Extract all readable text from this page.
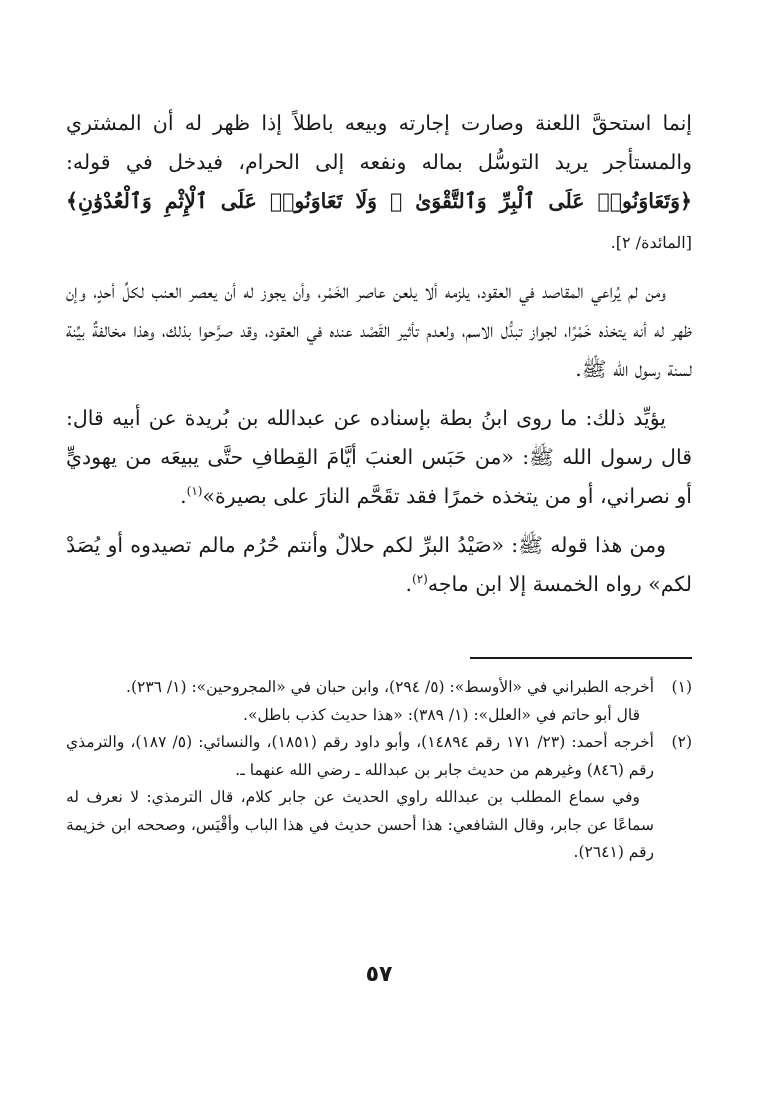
إنما استحقَّ اللعنة وصارت إجارته وبيعه باطلاً إذا ظهر له أن المشتري والمستأجر يريد التوسُّل بماله ونفعه إلى الحرام، فيدخل في قوله: ﴿وَتَعَاوَنُوا۟ عَلَى ٱلْبِرِّ وَٱلتَّقْوَىٰ ۖ وَلَا تَعَاوَنُوا۟ عَلَى ٱلْإِثْمِ وَٱلْعُدْوَٰنِ﴾ [المائدة/ ٢].

ومن لم يُراعي المقاصد في العقود، يلزمه ألا يلعن عاصر الخَمْر، وأن يجوز له أن يعصر العنب لكلِّ أحدٍ، وإن ظهر له أنه يتخذه خَمْرًا، لجواز تبدُّل الاسم، ولعدم تأثير القَصْد عنده في العقود، وقد صرَّحوا بذلك، وهذا مخالفةٌ بيِّنة لسنة رسول الله ﷺ.

يؤيِّد ذلك: ما روى ابنُ بطة بإسناده عن عبدالله بن بُريدة عن أبيه قال: قال رسول الله ﷺ: «من حَبَس العنبَ أيَّامَ القِطافِ حتَّى يبيعَه من يهوديٍّ أو نصراني، أو من يتخذه خمرًا فقد تقَحَّم النارَ على بصيرة»$^{(١)}$.

ومن هذا قوله ﷺ: «صَيْدُ البرِّ لكم حلالٌ وأنتم حُرُم مالم تصيدوه أو يُصَدْ لكم» رواه الخمسة إلا ابن ماجه$^{(٢)}$.

(١)
أخرجه الطبراني في «الأوسط»: (٥/ ٢٩٤)، وابن حبان في «المجروحين»: (١/ ٢٣٦).

قال أبو حاتم في «العلل»: (١/ ٣٨٩): «هذا حديث كذب باطل».

(٢)
أخرجه أحمد: (٢٣/ ١٧١ رقم ١٤٨٩٤)، وأبو داود رقم (١٨٥١)، والنسائي: (٥/ ١٨٧)، والترمذي رقم (٨٤٦) وغيرهم من حديث جابر بن عبدالله ـ رضي الله عنهما ـ.

وفي سماع المطلب بن عبدالله راوي الحديث عن جابر كلام، قال الترمذي: لا نعرف له سماعًا عن جابر، وقال الشافعي: هذا أحسن حديث في هذا الباب وأقْيَس، وصححه ابن خزيمة رقم (٢٦٤١).

٥٧
